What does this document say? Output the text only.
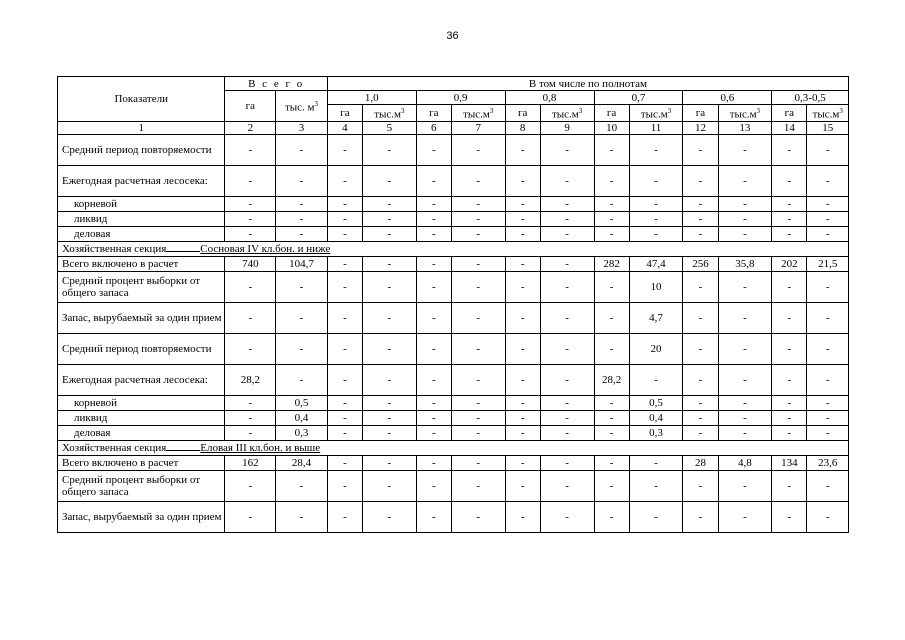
36
Показатели	В с е г о		В том числе по полнотам											
	га	тыс. $м^3$	1,0		0,9		0,8		0,7		0,6		0,3-0,5	
			га	$тыс.м^3$	га	$тыс.м^3$	га	$тыс.м^3$	га	$тыс.м^3$	га	$тыс.м^3$	га	$тыс.м^3$
1	2	3	4	5	6	7	8	9	10	11	12	13	14	15
Средний период повторяемости	-	-	-	-	-	-	-	-	-	-	-	-	-	-
Ежегодная расчетная лесосека:	-	-	-	-	-	-	-	-	-	-	-	-	-	-
корневой	-	-	-	-	-	-	-	-	-	-	-	-	-	-
ликвид	-	-	-	-	-	-	-	-	-	-	-	-	-	-
деловая	-	-	-	-	-	-	-	-	-	-	-	-	-	-
Хозяйственная секция Сосновая IV кл.бон. и ниже														
Всего включено в расчет	740	104,7	-	-	-	-	-	-	282	47,4	256	35,8	202	21,5
Средний процент выборки от общего запаса	-	-	-	-	-	-	-	-	-	10	-	-	-	-
Запас, вырубаемый за один прием	-	-	-	-	-	-	-	-	-	4,7	-	-	-	-
Средний период повторяемости	-	-	-	-	-	-	-	-	-	20	-	-	-	-
Ежегодная расчетная лесосека:	28,2	-	-	-	-	-	-	-	28,2	-	-	-	-	-
корневой	-	0,5	-	-	-	-	-	-	-	0,5	-	-	-	-
ликвид	-	0,4	-	-	-	-	-	-	-	0,4	-	-	-	-
деловая	-	0,3	-	-	-	-	-	-	-	0,3	-	-	-	-
Хозяйственная секция Еловая III кл.бон. и выше														
Всего включено в расчет	162	28,4	-	-	-	-	-	-	-	-	28	4,8	134	23,6
Средний процент выборки от общего запаса	-	-	-	-	-	-	-	-	-	-	-	-	-	-
Запас, вырубаемый за один прием	-	-	-	-	-	-	-	-	-	-	-	-	-	-
